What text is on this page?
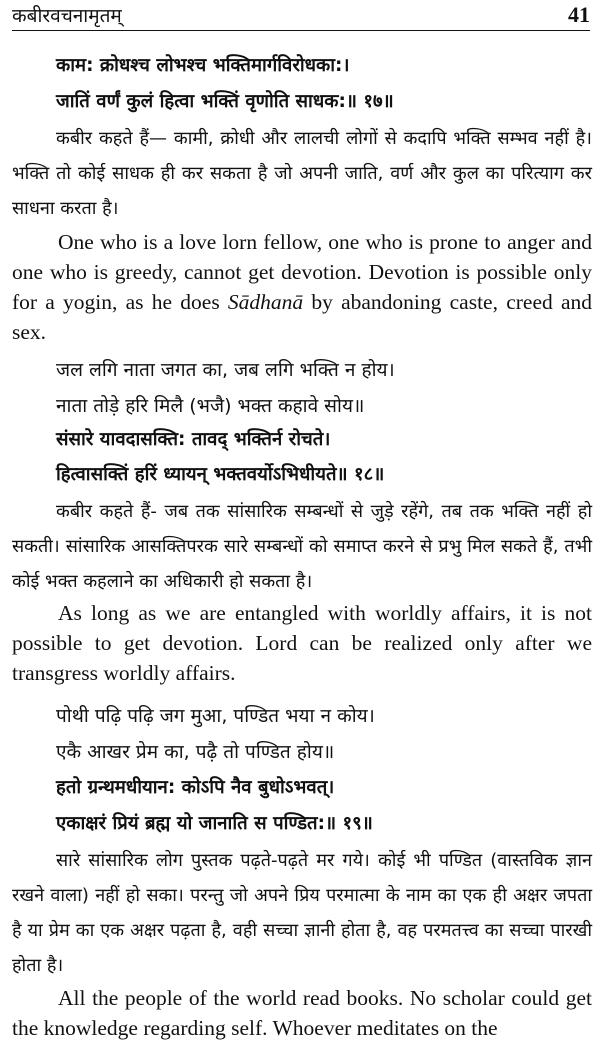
कबीरवचनामृतम्	41
काम: क्रोधश्च लोभश्च भक्तिमार्गविरोधका:।
जातिं वर्णं कुलं हित्वा भक्तिं वृणोति साधक:॥ १७॥
कबीर कहते हैं— कामी, क्रोधी और लालची लोगों से कदापि भक्ति सम्भव नहीं है। भक्ति तो कोई साधक ही कर सकता है जो अपनी जाति, वर्ण और कुल का परित्याग कर साधना करता है।
One who is a love lorn fellow, one who is prone to anger and one who is greedy, cannot get devotion. Devotion is possible only for a yogin, as he does Sādhanā by abandoning caste, creed and sex.
जल लगि नाता जगत का, जब लगि भक्ति न होय।
नाता तोड़े हरि मिलै (भजै) भक्त कहावे सोय॥
संसारे यावदासक्ति: तावद् भक्तिर्न रोचते।
हित्वासक्तिं हरिं ध्यायन् भक्तवर्योऽभिधीयते॥ १८॥
कबीर कहते हैं- जब तक सांसारिक सम्बन्धों से जुड़े रहेंगे, तब तक भक्ति नहीं हो सकती। सांसारिक आसक्तिपरक सारे सम्बन्धों को समाप्त करने से प्रभु मिल सकते हैं, तभी कोई भक्त कहलाने का अधिकारी हो सकता है।
As long as we are entangled with worldly affairs, it is not possible to get devotion. Lord can be realized only after we transgress worldly affairs.
पोथी पढ़ि पढ़ि जग मुआ, पण्डित भया न कोय।
एकै आखर प्रेम का, पढ़ै तो पण्डित होय॥
हतो ग्रन्थमधीयान: कोऽपि नैव बुधोऽभवत्।
एकाक्षरं प्रियं ब्रह्म यो जानाति स पण्डित:॥ १९॥
सारे सांसारिक लोग पुस्तक पढ़ते-पढ़ते मर गये। कोई भी पण्डित (वास्तविक ज्ञान रखने वाला) नहीं हो सका। परन्तु जो अपने प्रिय परमात्मा के नाम का एक ही अक्षर जपता है या प्रेम का एक अक्षर पढ़ता है, वही सच्चा ज्ञानी होता है, वह परमतत्त्व का सच्चा पारखी होता है।
All the people of the world read books. No scholar could get the knowledge regarding self. Whoever meditates on the
